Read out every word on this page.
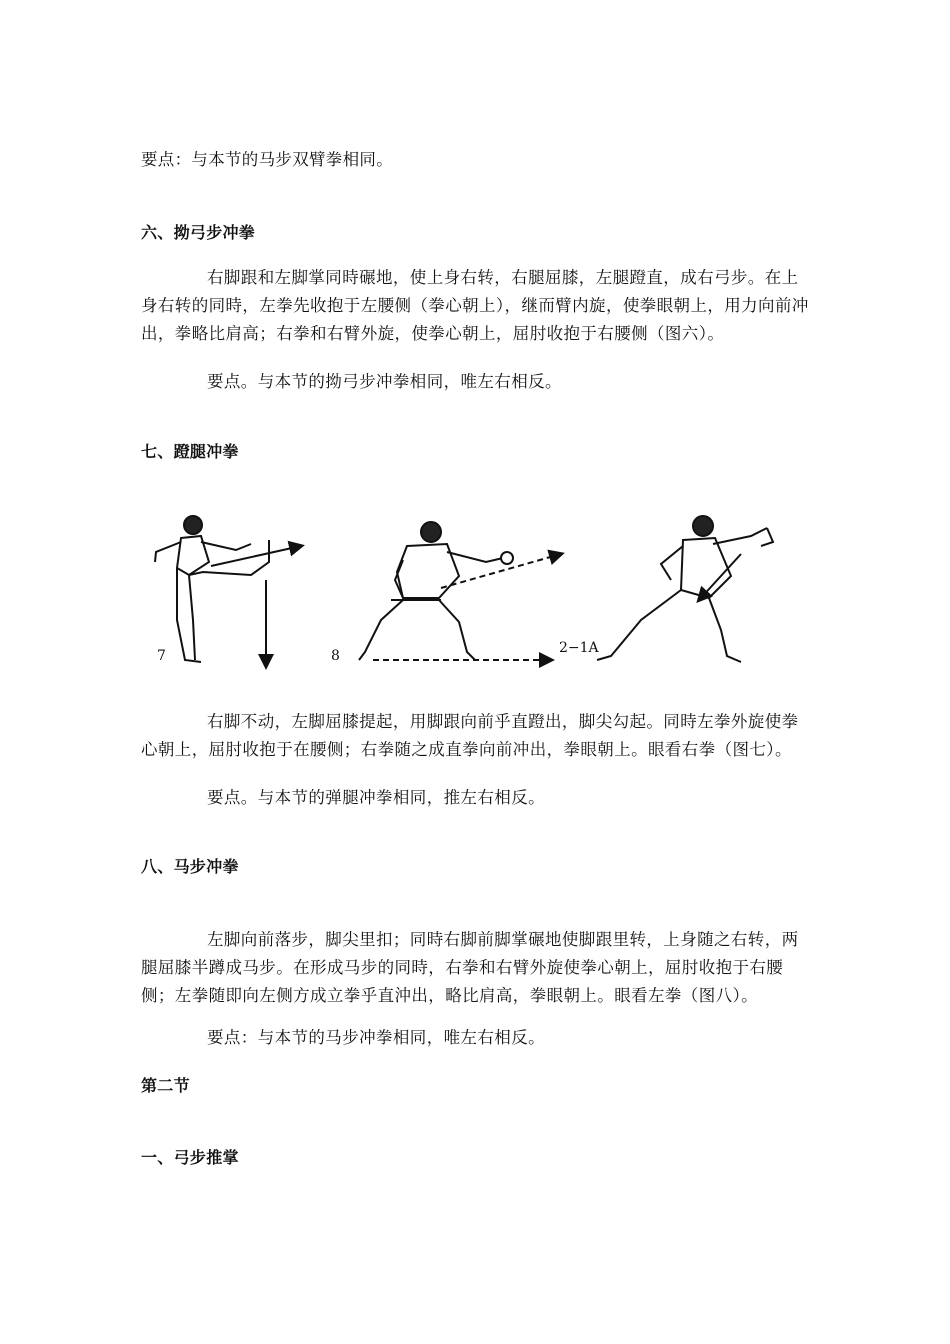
要点：与本节的马步双臂拳相同。
六、拗弓步冲拳
右脚跟和左脚掌同時碾地，使上身右转，右腿屈膝，左腿蹬直，成右弓步。在上身右转的同時，左拳先收抱于左腰侧（拳心朝上），继而臂内旋，使拳眼朝上，用力向前冲出，拳略比肩高；右拳和右臂外旋，使拳心朝上，屈肘收抱于右腰侧（图六）。
要点。与本节的拗弓步冲拳相同，唯左右相反。
七、蹬腿冲拳
7	8	2−1A
右脚不动，左脚屈膝提起，用脚跟向前乎直蹬出，脚尖勾起。同時左拳外旋使拳心朝上，屈肘收抱于在腰侧；右拳随之成直拳向前冲出，拳眼朝上。眼看右拳（图七）。
要点。与本节的弹腿冲拳相同，推左右相反。
八、马步冲拳
左脚向前落步，脚尖里扣；同時右脚前脚掌碾地使脚跟里转，上身随之右转，两腿屈膝半蹲成马步。在形成马步的同時，右拳和右臂外旋使拳心朝上，屈肘收抱于右腰侧；左拳随即向左侧方成立拳乎直沖出，略比肩高，拳眼朝上。眼看左拳（图八）。
要点：与本节的马步冲拳相同，唯左右相反。
第二节
一、弓步推掌
